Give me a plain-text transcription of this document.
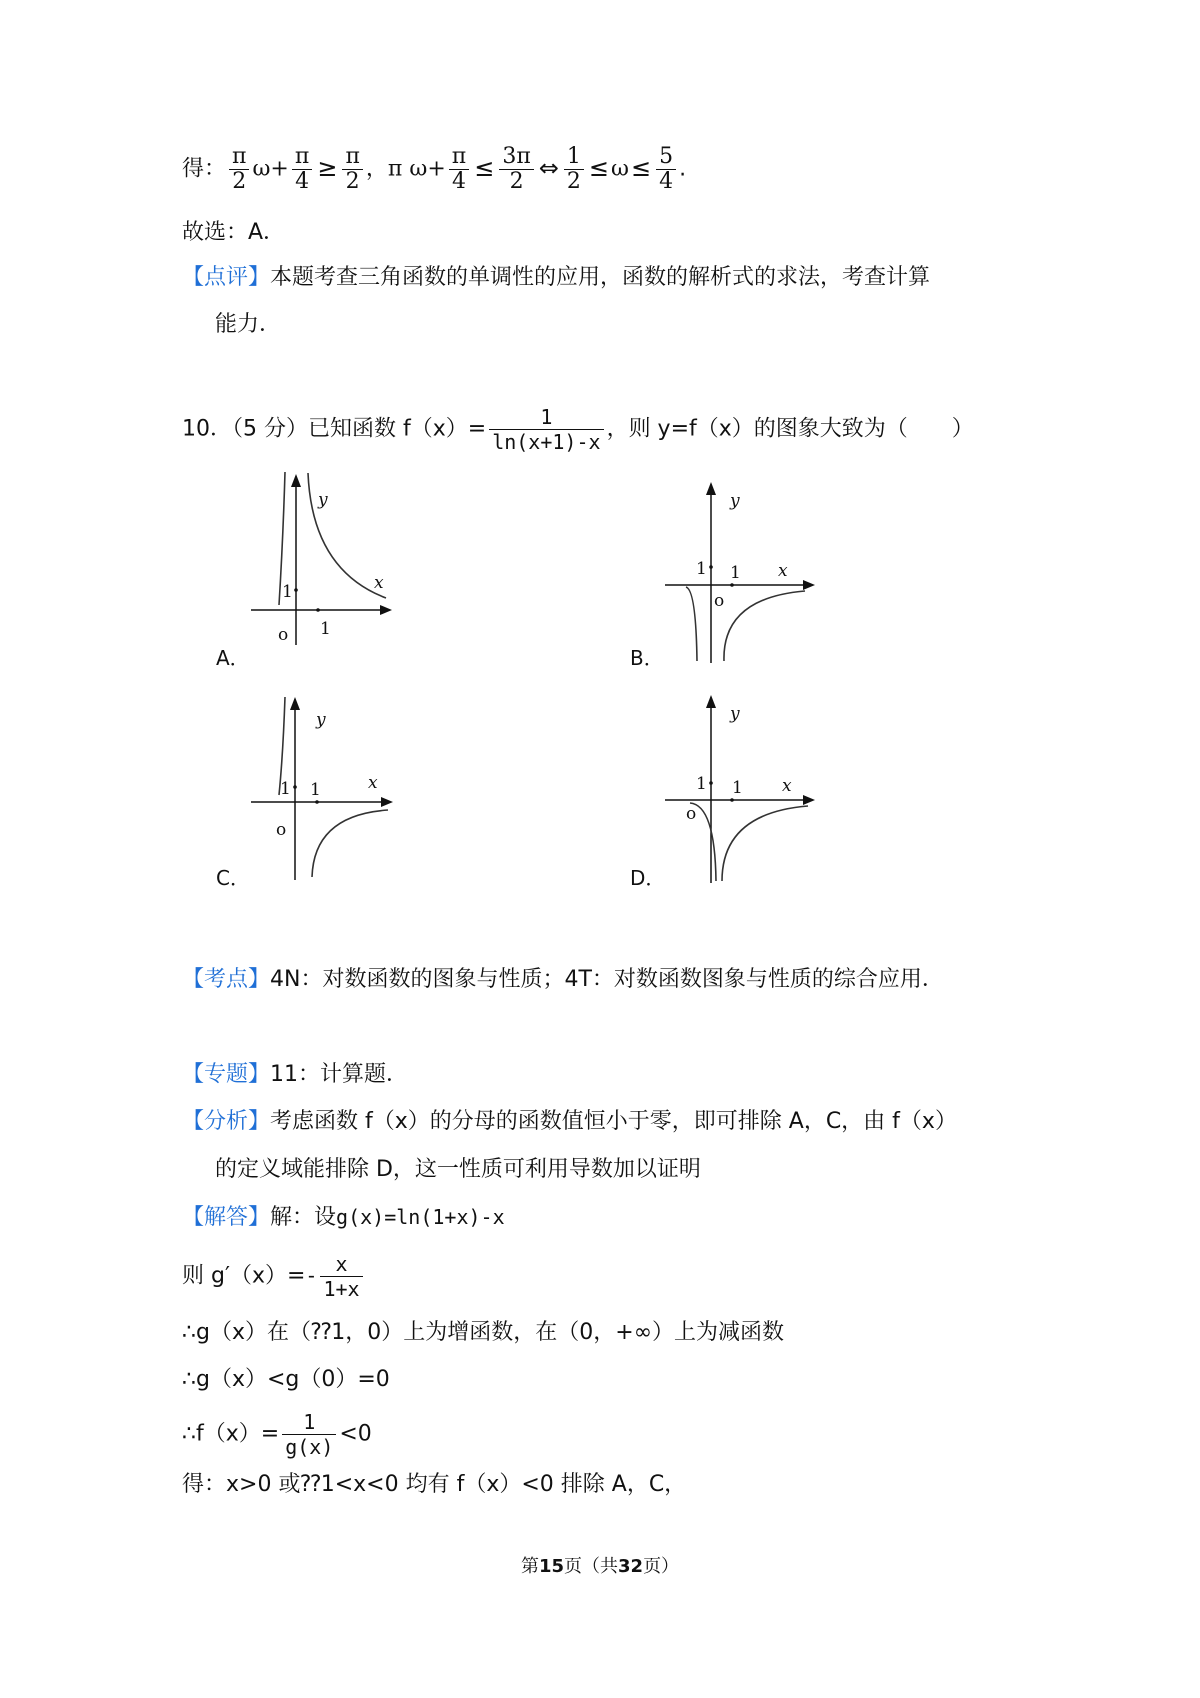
得： $\frac{\pi}{2} \omega+ \frac{\pi}{4} \ge \frac{\pi}{2}$ ，π $\omega+ \frac{\pi}{4} \le \frac{3\pi}{2}$ ⇔ $\frac{1}{2} \le\omega\le \frac{5}{4}$ .
故选：A．
【点评】本题考查三角函数的单调性的应用，函数的解析式的求法，考查计算
能力．
10．（5 分）已知函数 $f(x)= \frac{1}{\ln(x+1)-x}$ ，则 y=f（x）的图象大致为（　　）
A．
y
x
1
1
o
B．
y
x
1 1
o
C．
y
x
1 1
o
D．
y
x
1 1
o
【考点】4N：对数函数的图象与性质；4T：对数函数图象与性质的综合应用．
【专题】11：计算题．
【分析】考虑函数 f（x）的分母的函数值恒小于零，即可排除 A，C，由 f（x）
的定义域能排除 D，这一性质可利用导数加以证明
【解答】解：设g(x)=ln(1+x)-x
则 $g'(x)=- \frac{x}{1+x}$
∴g（x）在（⁇1，0）上为增函数，在（0，+∞）上为减函数
∴g（x）<g（0）=0
∴f（x）= $\frac{1}{g(x)} <0$
得：x>0 或⁇1<x<0 均有 f（x）<0 排除 A，C，
第15页（共32页）
